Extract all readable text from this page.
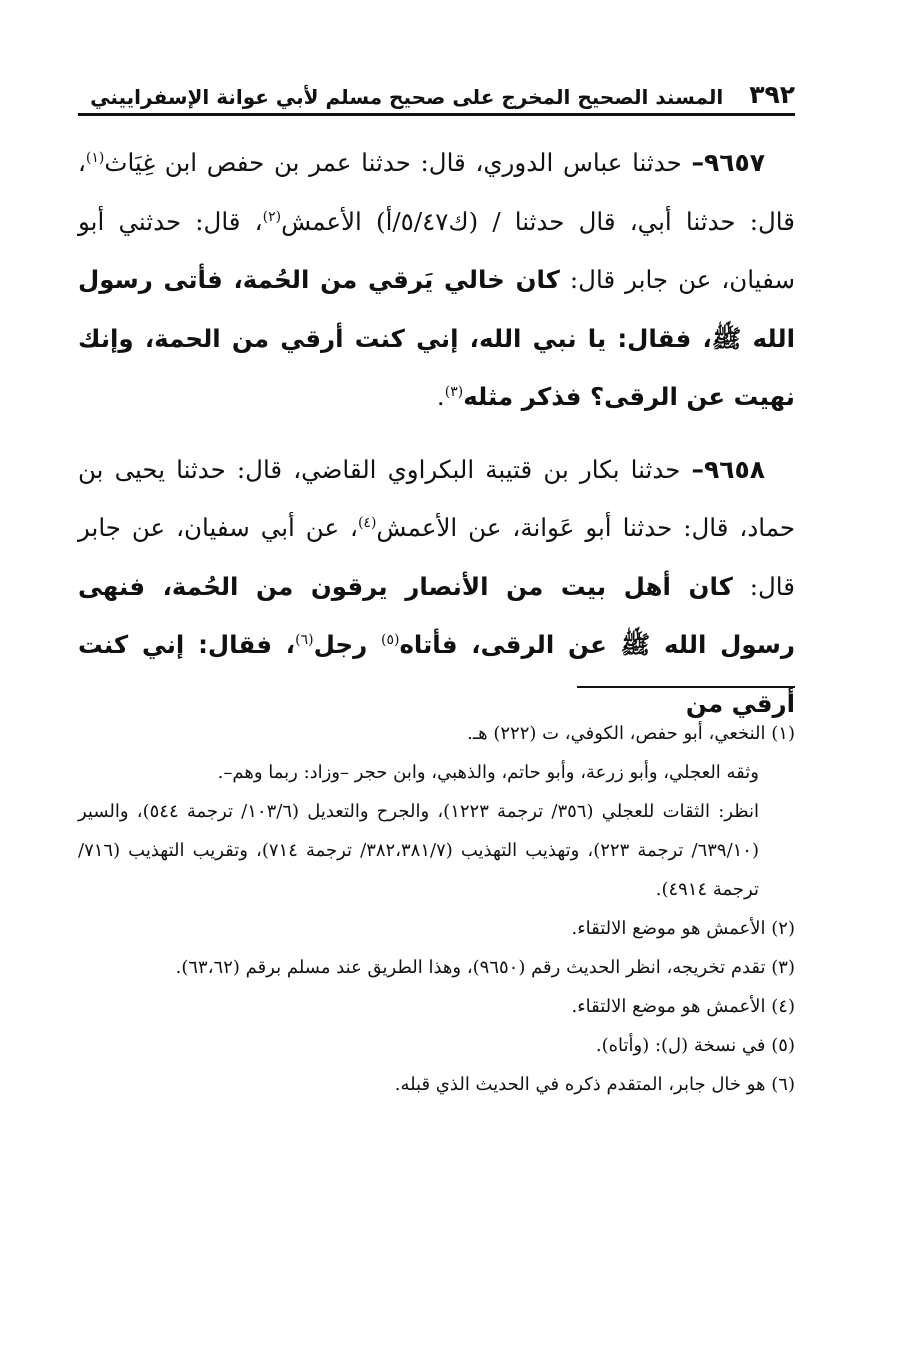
٣٩٢
المسند الصحيح المخرج على صحيح مسلم لأبي عوانة الإسفراييني

٩٦٥٧– حدثنا عباس الدوري، قال: حدثنا عمر بن حفص ابن غِيَاث$^{(١)}$، قال: حدثنا أبي، قال حدثنا / (ك٥/٤٧/أ) الأعمش$^{(٢)}$، قال: حدثني أبو سفيان، عن جابر قال: كان خالي يَرقي من الحُمة، فأتى رسول الله ﷺ، فقال: يا نبي الله، إني كنت أرقي من الحمة، وإنك نهيت عن الرقى؟ فذكر مثله$^{(٣)}$.

٩٦٥٨– حدثنا بكار بن قتيبة البكراوي القاضي، قال: حدثنا يحيى بن حماد، قال: حدثنا أبو عَوانة، عن الأعمش$^{(٤)}$، عن أبي سفيان، عن جابر قال: كان أهل بيت من الأنصار يرقون من الحُمة، فنهى رسول الله ﷺ عن الرقى، فأتاه$^{(٥)}$ رجل$^{(٦)}$، فقال: إني كنت أرقي من

(١) النخعي، أبو حفص، الكوفي، ت (٢٢٢) هـ.

وثقه العجلي، وأبو زرعة، وأبو حاتم، والذهبي، وابن حجر –وزاد: ربما وهم–.

انظر: الثقات للعجلي (٣٥٦/ ترجمة ١٢٢٣)، والجرح والتعديل (١٠٣/٦/ ترجمة ٥٤٤)، والسير (٦٣٩/١٠/ ترجمة ٢٢٣)، وتهذيب التهذيب (٣٨٢،٣٨١/٧/ ترجمة ٧١٤)، وتقريب التهذيب (٧١٦/ترجمة ٤٩١٤).

(٢) الأعمش هو موضع الالتقاء.

(٣) تقدم تخريجه، انظر الحديث رقم (٩٦٥٠)، وهذا الطريق عند مسلم برقم (٦٣،٦٢).

(٤) الأعمش هو موضع الالتقاء.

(٥) في نسخة (ل): (وأتاه).

(٦) هو خال جابر، المتقدم ذكره في الحديث الذي قبله.
